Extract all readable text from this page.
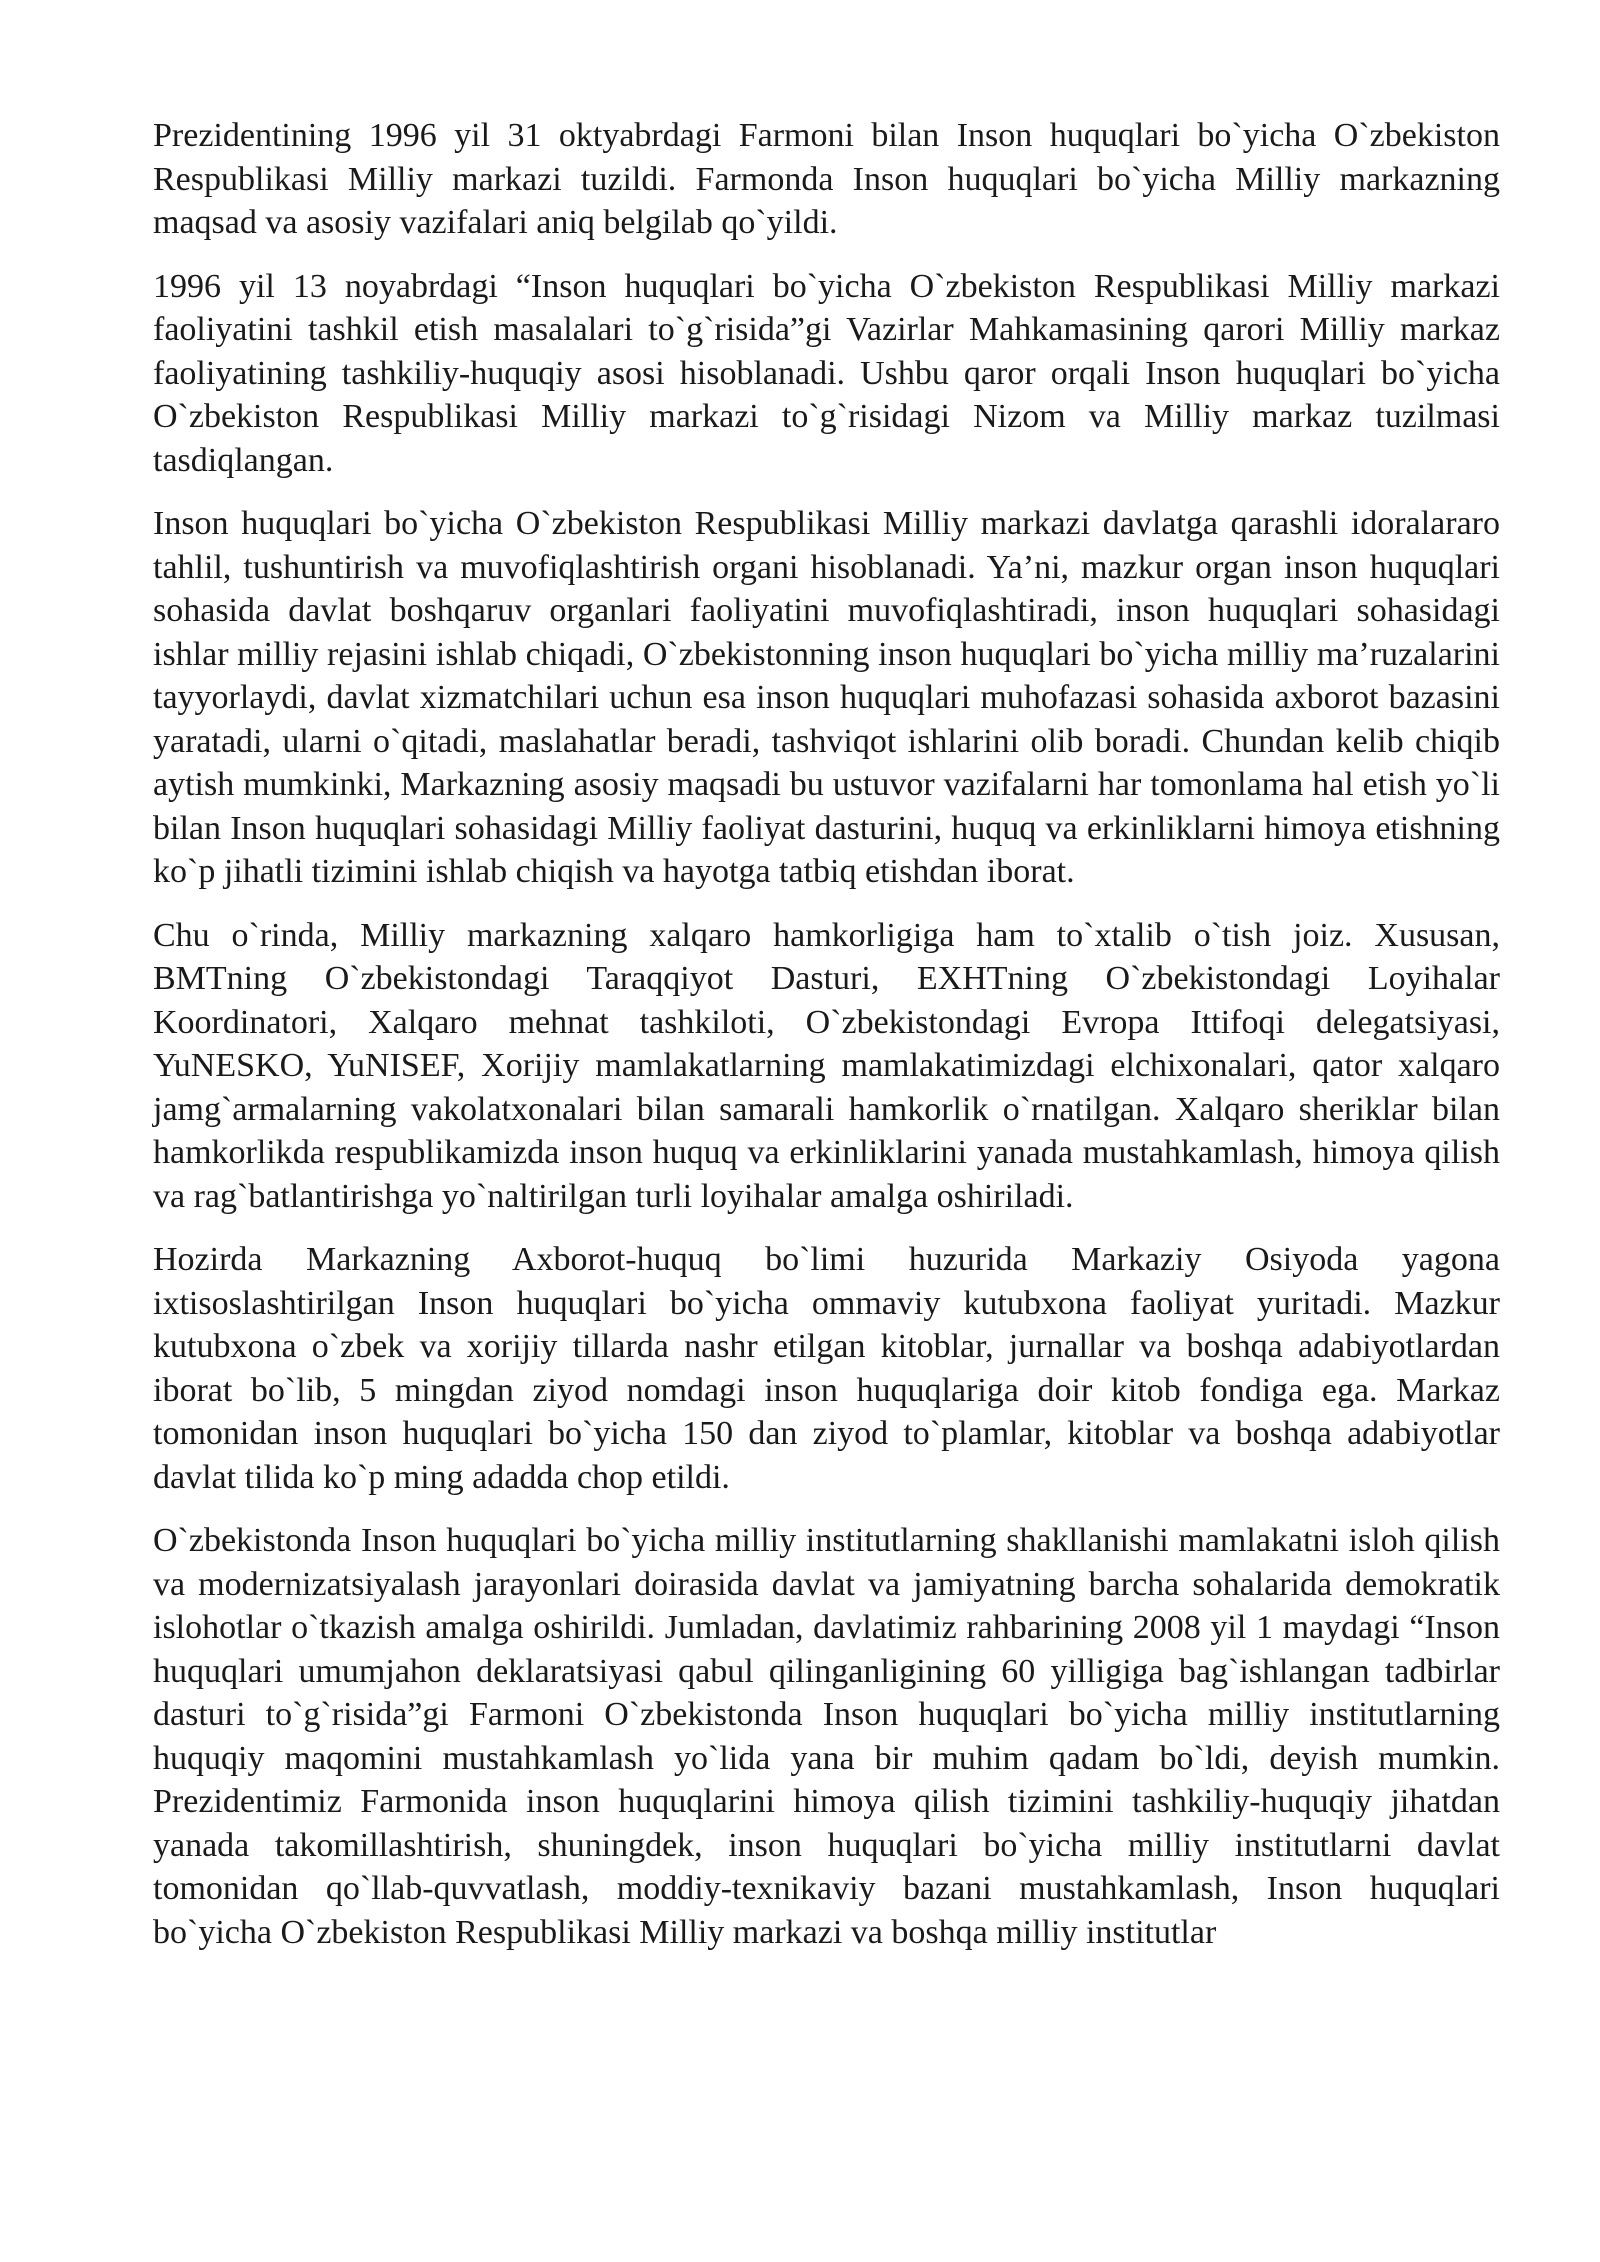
Prezidentining 1996 yil 31 oktyabrdagi Farmoni bilan Inson huquqlari bo`yicha O`zbekiston Respublikasi Milliy markazi tuzildi. Farmonda Inson huquqlari bo`yicha Milliy markazning maqsad va asosiy vazifalari aniq belgilab qo`yildi.

1996 yil 13 noyabrdagi “Inson huquqlari bo`yicha O`zbekiston Respublikasi Milliy markazi faoliyatini tashkil etish masalalari to`g`risida”gi Vazirlar Mahkamasining qarori Milliy markaz faoliyatining tashkiliy-huquqiy asosi hisoblanadi. Ushbu qaror orqali Inson huquqlari bo`yicha O`zbekiston Respublikasi Milliy markazi to`g`risidagi Nizom va Milliy markaz tuzilmasi tasdiqlangan.

Inson huquqlari bo`yicha O`zbekiston Respublikasi Milliy markazi davlatga qarashli idoralararo tahlil, tushuntirish va muvofiqlashtirish organi hisoblanadi. Ya’ni, mazkur organ inson huquqlari sohasida davlat boshqaruv organlari faoliyatini muvofiqlashtiradi, inson huquqlari sohasidagi ishlar milliy rejasini ishlab chiqadi, O`zbekistonning inson huquqlari bo`yicha milliy ma’ruzalarini tayyorlaydi, davlat xizmatchilari uchun esa inson huquqlari muhofazasi sohasida axborot bazasini yaratadi, ularni o`qitadi, maslahatlar beradi, tashviqot ishlarini olib boradi. Chundan kelib chiqib aytish mumkinki, Markazning asosiy maqsadi bu ustuvor vazifalarni har tomonlama hal etish yo`li bilan Inson huquqlari sohasidagi Milliy faoliyat dasturini, huquq va erkinliklarni himoya etishning ko`p jihatli tizimini ishlab chiqish va hayotga tatbiq etishdan iborat.

Chu o`rinda, Milliy markazning xalqaro hamkorligiga ham to`xtalib o`tish joiz. Xususan, BMTning O`zbekistondagi Taraqqiyot Dasturi, EXHTning O`zbekistondagi Loyihalar Koordinatori, Xalqaro mehnat tashkiloti, O`zbekistondagi Evropa Ittifoqi delegatsiyasi, YuNESKO, YuNISEF, Xorijiy mamlakatlarning mamlakatimizdagi elchixonalari, qator xalqaro jamg`armalarning vakolatxonalari bilan samarali hamkorlik o`rnatilgan. Xalqaro sheriklar bilan hamkorlikda respublikamizda inson huquq va erkinliklarini yanada mustahkamlash, himoya qilish va rag`batlantirishga yo`naltirilgan turli loyihalar amalga oshiriladi.

Hozirda Markazning Axborot-huquq bo`limi huzurida Markaziy Osiyoda yagona ixtisoslashtirilgan Inson huquqlari bo`yicha ommaviy kutubxona faoliyat yuritadi. Mazkur kutubxona o`zbek va xorijiy tillarda nashr etilgan kitoblar, jurnallar va boshqa adabiyotlardan iborat bo`lib, 5 mingdan ziyod nomdagi inson huquqlariga doir kitob fondiga ega. Markaz tomonidan inson huquqlari bo`yicha 150 dan ziyod to`plamlar, kitoblar va boshqa adabiyotlar davlat tilida ko`p ming adadda chop etildi.

O`zbekistonda Inson huquqlari bo`yicha milliy institutlarning shakllanishi mamlakatni isloh qilish va modernizatsiyalash jarayonlari doirasida davlat va jamiyatning barcha sohalarida demokratik islohotlar o`tkazish amalga oshirildi. Jumladan, davlatimiz rahbarining 2008 yil 1 maydagi “Inson huquqlari umumjahon deklaratsiyasi qabul qilinganligining 60 yilligiga bag`ishlangan tadbirlar dasturi to`g`risida”gi Farmoni O`zbekistonda Inson huquqlari bo`yicha milliy institutlarning huquqiy maqomini mustahkamlash yo`lida yana bir muhim qadam bo`ldi, deyish mumkin. Prezidentimiz Farmonida inson huquqlarini himoya qilish tizimini tashkiliy-huquqiy jihatdan yanada takomillashtirish, shuningdek, inson huquqlari bo`yicha milliy institutlarni davlat tomonidan qo`llab-quvvatlash, moddiy-texnikaviy bazani mustahkamlash, Inson huquqlari bo`yicha O`zbekiston Respublikasi Milliy markazi va boshqa milliy institutlar
